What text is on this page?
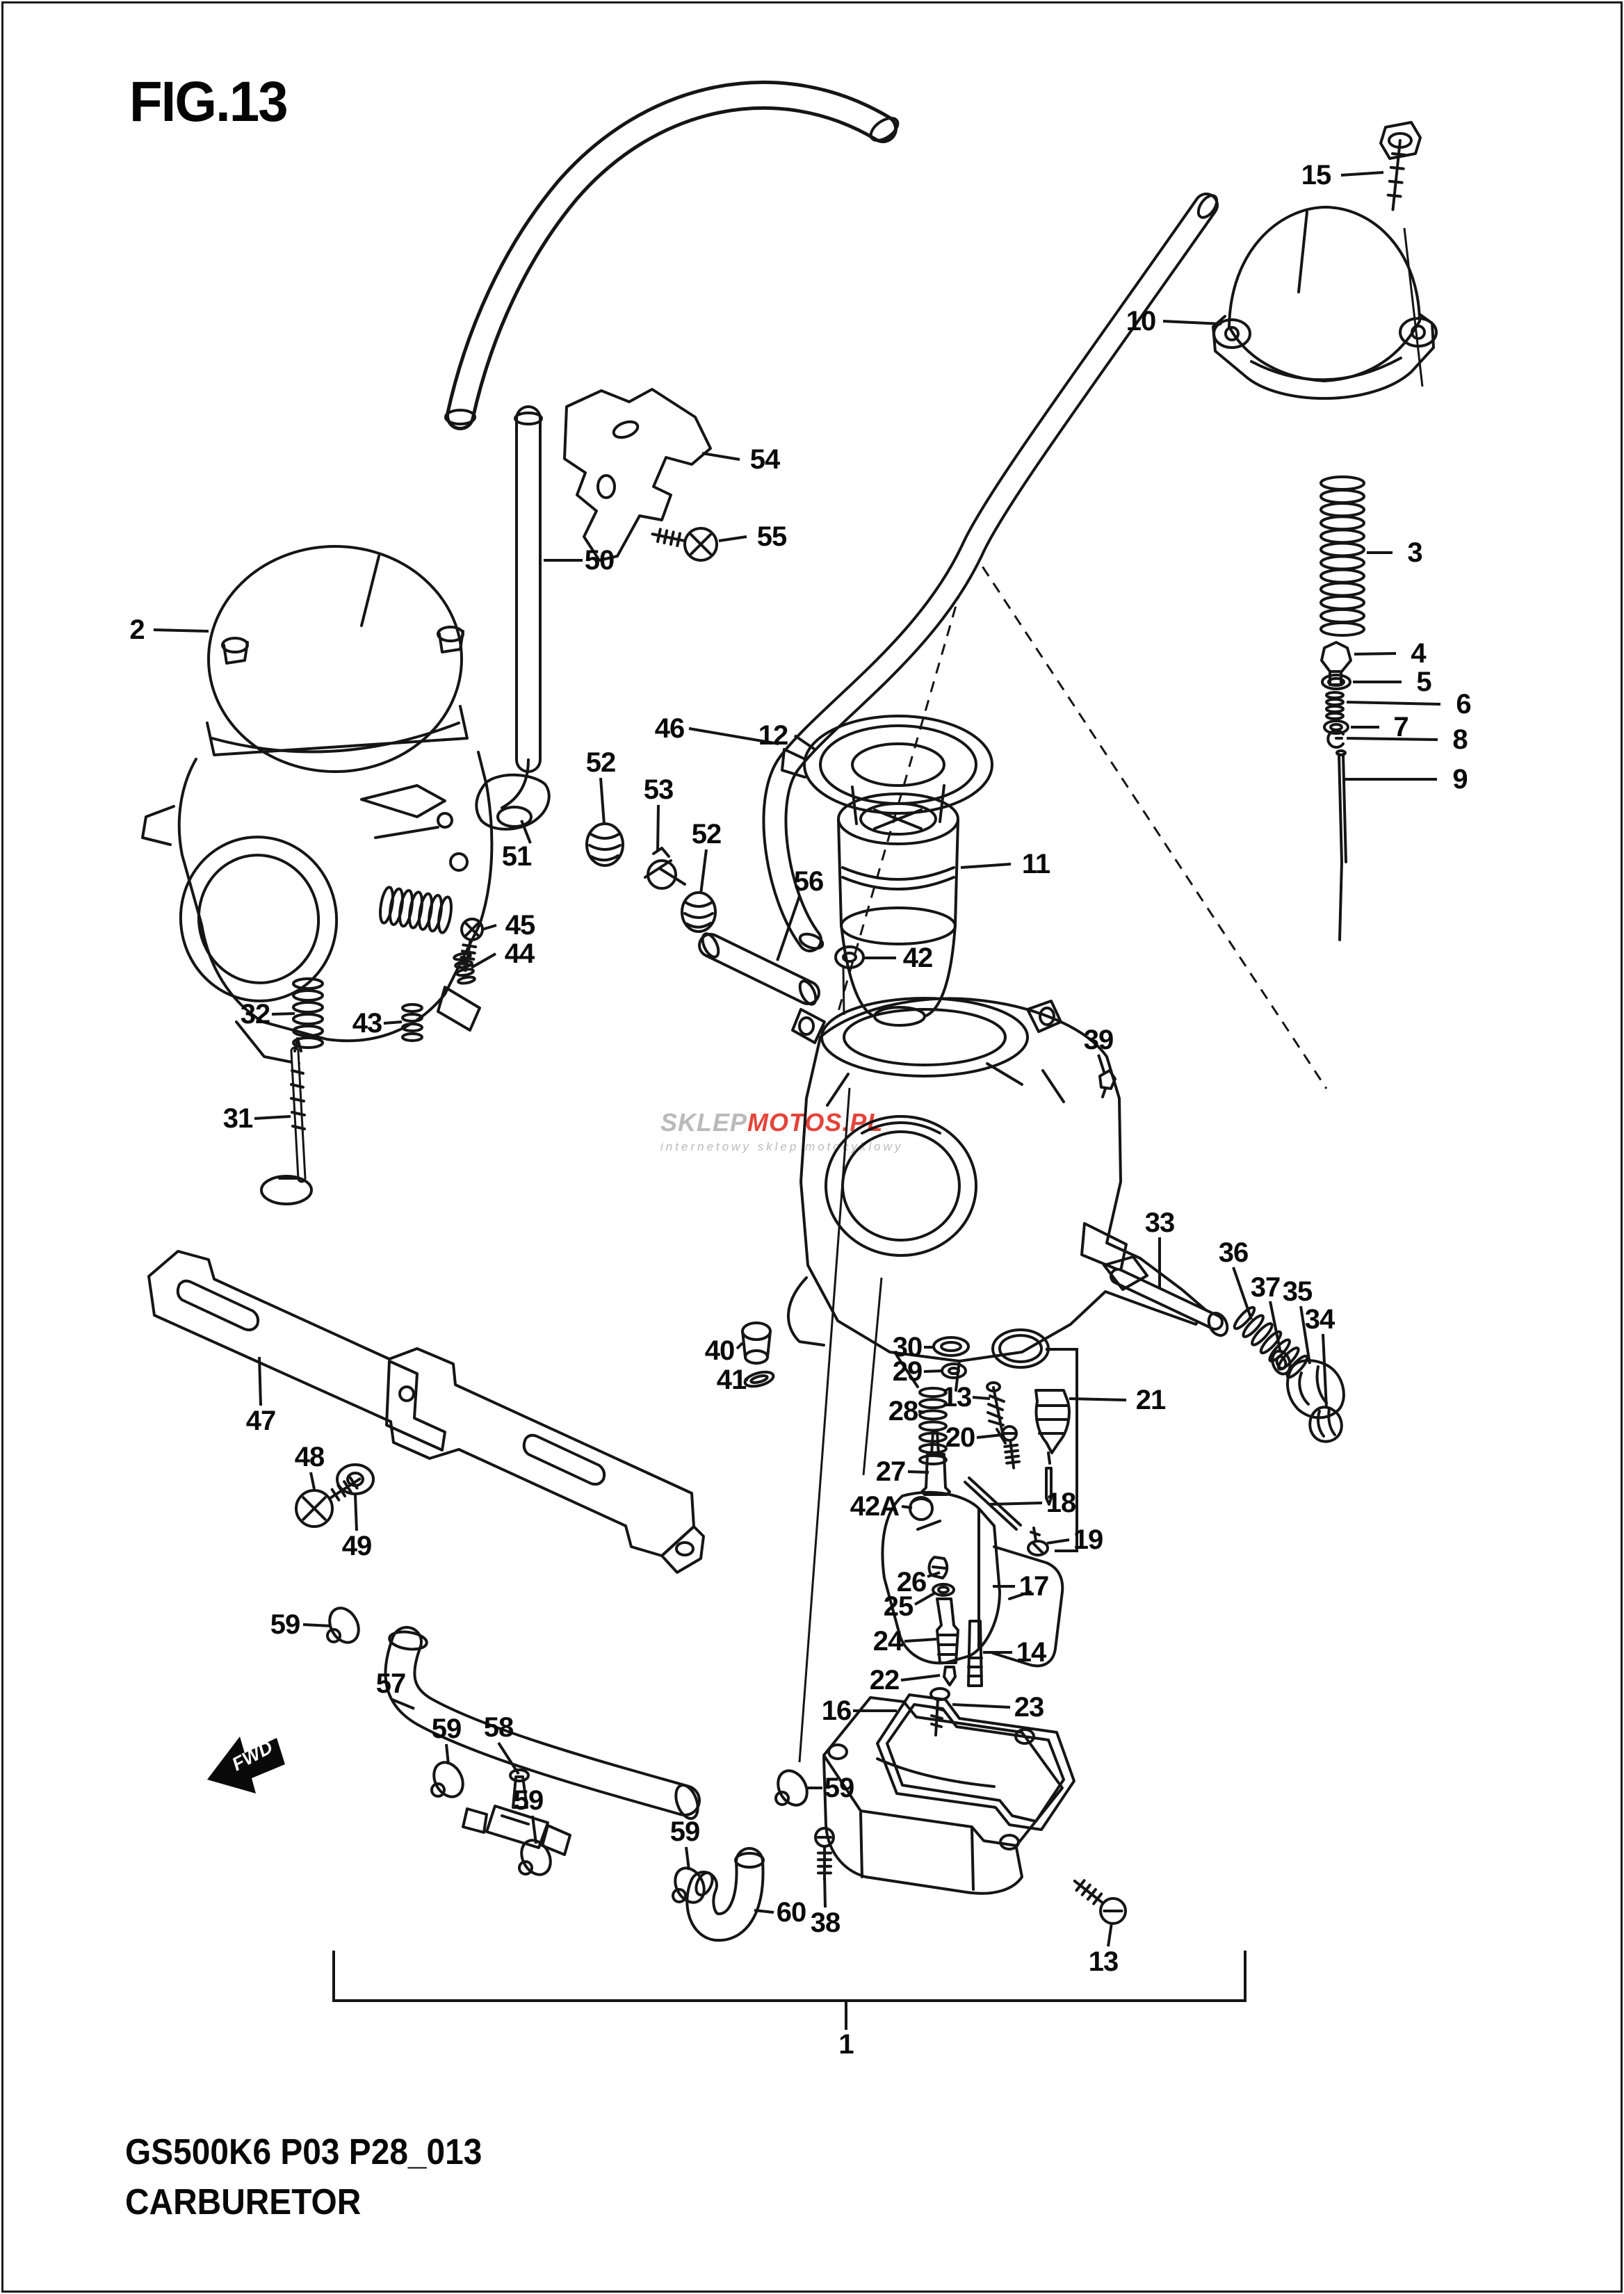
FIG.13
SKLEPMOTOS.PL
internetowy sklep motocyklowy
FWD
15
10
2
54
55
50
46	12
52
53
52
51
56
11
42
3
4
5
6
7 8
9
39
33
36
37 35
34
40
41
30
29
28 13
20
27
42A
21
18
19
26	17
25
24	14
22
16	23
47
48
49
59
57
59 58
59
59
59
60 38
13
1
31
32	43
44
45
GS500K6 P03 P28_013
CARBURETOR
